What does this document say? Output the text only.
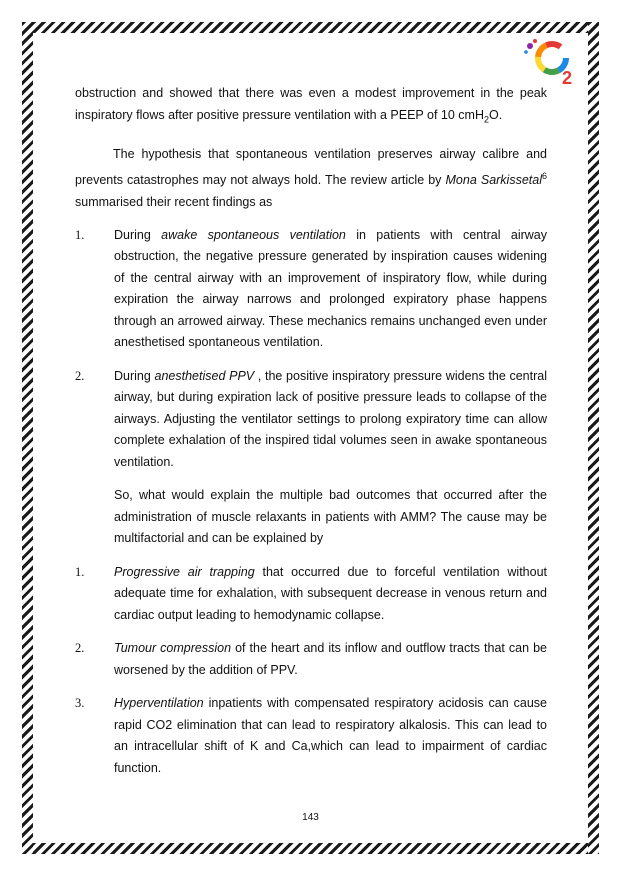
2

obstruction and showed that there was even a modest improvement in the peak inspiratory flows after positive pressure ventilation with a PEEP of 10 cmH$_2$O.

The hypothesis that spontaneous ventilation preserves airway calibre and prevents catastrophes may not always hold. The review article by Mona Sarkissetal$^6$ summarised their recent findings as

1.	During awake spontaneous ventilation in patients with central airway obstruction, the negative pressure generated by inspiration causes widening of the central airway with an improvement of inspiratory flow, while during expiration the airway narrows and prolonged expiratory phase happens through an arrowed airway. These mechanics remains unchanged even under anesthetised spontaneous ventilation.
2.	During anesthetised PPV , the positive inspiratory pressure widens the central airway, but during expiration lack of positive pressure leads to collapse of the airways. Adjusting the ventilator settings to prolong expiratory time can allow complete exhalation of the inspired tidal volumes seen in awake spontaneous ventilation.

So, what would explain the multiple bad outcomes that occurred after the administration of muscle relaxants in patients with AMM? The cause may be multifactorial and can be explained by

1.	Progressive air trapping that occurred due to forceful ventilation without adequate time for exhalation, with subsequent decrease in venous return and cardiac output leading to hemodynamic collapse.
2.	Tumour compression of the heart and its inflow and outflow tracts that can be worsened by the addition of PPV.
3.	Hyperventilation inpatients with compensated respiratory acidosis can cause rapid CO2 elimination that can lead to respiratory alkalosis. This can lead to an intracellular shift of K and Ca,which can lead to impairment of cardiac function.
143
